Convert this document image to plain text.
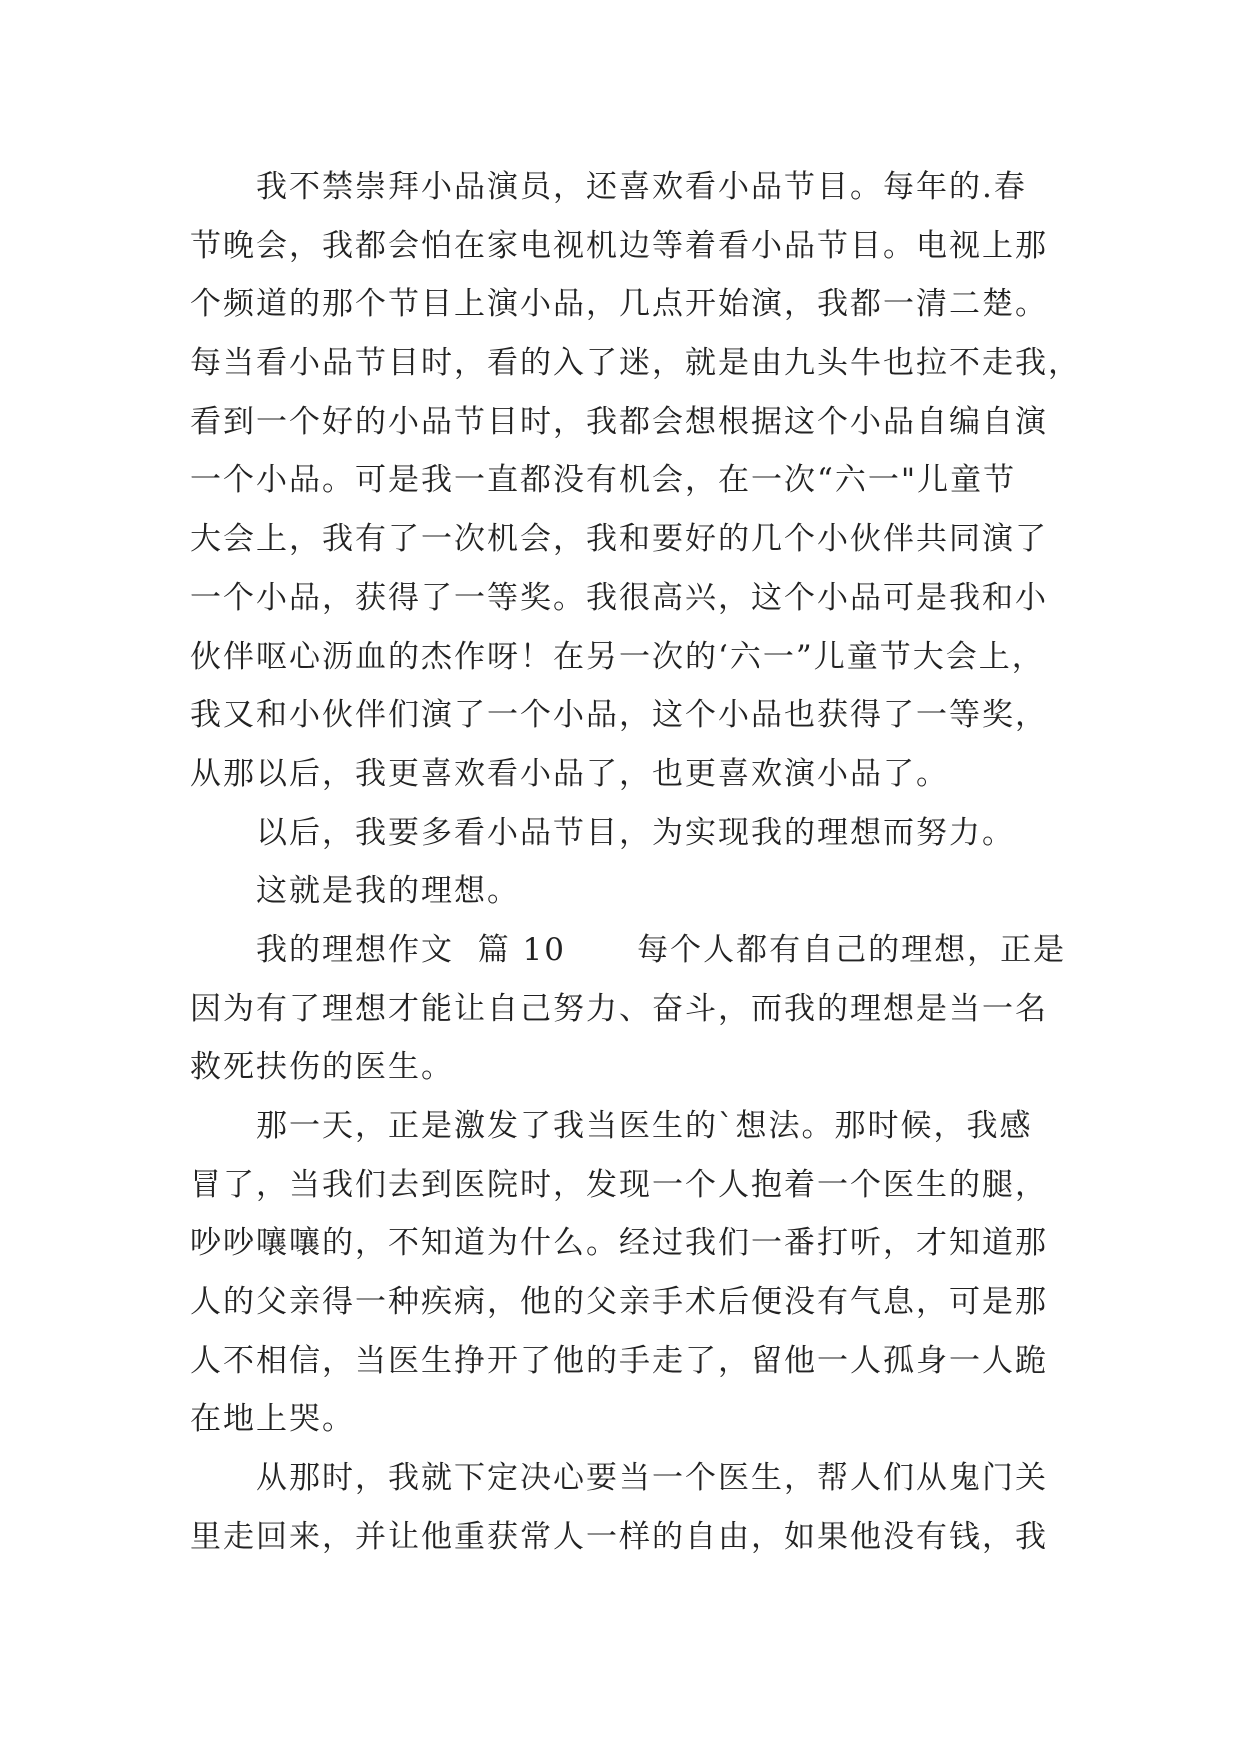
我不禁崇拜小品演员，还喜欢看小品节目。每年的.春
节晚会，我都会怕在家电视机边等着看小品节目。电视上那
个频道的那个节目上演小品，几点开始演，我都一清二楚。
每当看小品节目时，看的入了迷，就是由九头牛也拉不走我，
看到一个好的小品节目时，我都会想根据这个小品自编自演
一个小品。可是我一直都没有机会，在一次“六一"儿童节
大会上，我有了一次机会，我和要好的几个小伙伴共同演了
一个小品，获得了一等奖。我很高兴，这个小品可是我和小
伙伴呕心沥血的杰作呀！在另一次的‘六一”儿童节大会上，
我又和小伙伴们演了一个小品，这个小品也获得了一等奖，
从那以后，我更喜欢看小品了，也更喜欢演小品了。
以后，我要多看小品节目，为实现我的理想而努力。
这就是我的理想。
我的理想作文  篇 10      每个人都有自己的理想，正是
因为有了理想才能让自己努力、奋斗，而我的理想是当一名
救死扶伤的医生。
那一天，正是激发了我当医生的`想法。那时候，我感
冒了，当我们去到医院时，发现一个人抱着一个医生的腿，
吵吵嚷嚷的，不知道为什么。经过我们一番打听，才知道那
人的父亲得一种疾病，他的父亲手术后便没有气息，可是那
人不相信，当医生挣开了他的手走了，留他一人孤身一人跪
在地上哭。
从那时，我就下定决心要当一个医生，帮人们从鬼门关
里走回来，并让他重获常人一样的自由，如果他没有钱，我
